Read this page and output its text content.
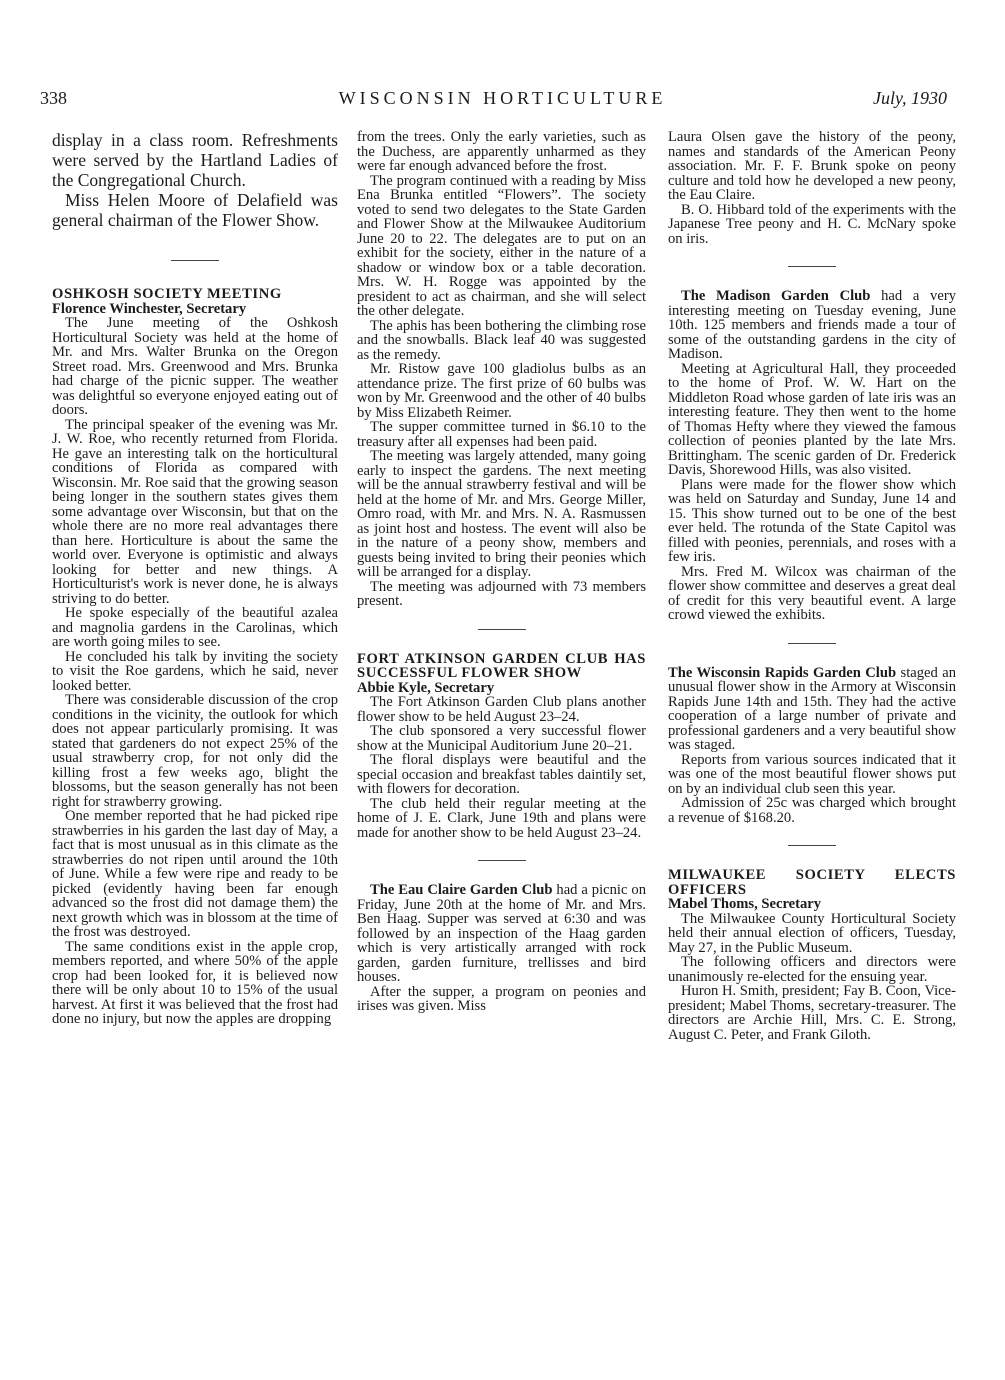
338	WISCONSIN HORTICULTURE	July, 1930

display in a class room. Refreshments were served by the Hartland Ladies of the Congregational Church.

Miss Helen Moore of Delafield was general chairman of the Flower Show.

OSHKOSH SOCIETY MEETING

Florence Winchester, Secretary

The June meeting of the Oshkosh Horticultural Society was held at the home of Mr. and Mrs. Walter Brunka on the Oregon Street road. Mrs. Greenwood and Mrs. Brunka had charge of the picnic supper. The weather was delightful so everyone enjoyed eating out of doors.

The principal speaker of the evening was Mr. J. W. Roe, who recently returned from Florida. He gave an interesting talk on the horticultural conditions of Florida as compared with Wisconsin. Mr. Roe said that the growing season being longer in the southern states gives them some advantage over Wisconsin, but that on the whole there are no more real advantages there than here. Horticulture is about the same the world over. Everyone is optimistic and always looking for better and new things. A Horticulturist's work is never done, he is always striving to do better.

He spoke especially of the beautiful azalea and magnolia gardens in the Carolinas, which are worth going miles to see.

He concluded his talk by inviting the society to visit the Roe gardens, which he said, never looked better.

There was considerable discussion of the crop conditions in the vicinity, the outlook for which does not appear particularly promising. It was stated that gardeners do not expect 25% of the usual strawberry crop, for not only did the killing frost a few weeks ago, blight the blossoms, but the season generally has not been right for strawberry growing.

One member reported that he had picked ripe strawberries in his garden the last day of May, a fact that is most unusual as in this climate as the strawberries do not ripen until around the 10th of June. While a few were ripe and ready to be picked (evidently having been far enough advanced so the frost did not damage them) the next growth which was in blossom at the time of the frost was destroyed.

The same conditions exist in the apple crop, members reported, and where 50% of the apple crop had been looked for, it is believed now there will be only about 10 to 15% of the usual harvest. At first it was believed that the frost had done no injury, but now the apples are dropping

from the trees. Only the early varieties, such as the Duchess, are apparently unharmed as they were far enough advanced before the frost.

The program continued with a reading by Miss Ena Brunka entitled “Flowers”. The society voted to send two delegates to the State Garden and Flower Show at the Milwaukee Auditorium June 20 to 22. The delegates are to put on an exhibit for the society, either in the nature of a shadow or window box or a table decoration. Mrs. W. H. Rogge was appointed by the president to act as chairman, and she will select the other delegate.

The aphis has been bothering the climbing rose and the snowballs. Black leaf 40 was suggested as the remedy.

Mr. Ristow gave 100 gladiolus bulbs as an attendance prize. The first prize of 60 bulbs was won by Mr. Greenwood and the other of 40 bulbs by Miss Elizabeth Reimer.

The supper committee turned in $6.10 to the treasury after all expenses had been paid.

The meeting was largely attended, many going early to inspect the gardens. The next meeting will be the annual strawberry festival and will be held at the home of Mr. and Mrs. George Miller, Omro road, with Mr. and Mrs. N. A. Rasmussen as joint host and hostess. The event will also be in the nature of a peony show, members and guests being invited to bring their peonies which will be arranged for a display.

The meeting was adjourned with 73 members present.

FORT ATKINSON GARDEN CLUB HAS SUCCESSFUL FLOWER SHOW

Abbie Kyle, Secretary

The Fort Atkinson Garden Club plans another flower show to be held August 23–24.

The club sponsored a very successful flower show at the Municipal Auditorium June 20–21.

The floral displays were beautiful and the special occasion and breakfast tables daintily set, with flowers for decoration.

The club held their regular meeting at the home of J. E. Clark, June 19th and plans were made for another show to be held August 23–24.

The Eau Claire Garden Club had a picnic on Friday, June 20th at the home of Mr. and Mrs. Ben Haag. Supper was served at 6:30 and was followed by an inspection of the Haag garden which is very artistically arranged with rock garden, garden furniture, trellisses and bird houses.

After the supper, a program on peonies and irises was given. Miss

Laura Olsen gave the history of the peony, names and standards of the American Peony association. Mr. F. F. Brunk spoke on peony culture and told how he developed a new peony, the Eau Claire.

B. O. Hibbard told of the experiments with the Japanese Tree peony and H. C. McNary spoke on iris.

The Madison Garden Club had a very interesting meeting on Tuesday evening, June 10th. 125 members and friends made a tour of some of the outstanding gardens in the city of Madison.

Meeting at Agricultural Hall, they proceeded to the home of Prof. W. W. Hart on the Middleton Road whose garden of late iris was an interesting feature. They then went to the home of Thomas Hefty where they viewed the famous collection of peonies planted by the late Mrs. Brittingham. The scenic garden of Dr. Frederick Davis, Shorewood Hills, was also visited.

Plans were made for the flower show which was held on Saturday and Sunday, June 14 and 15. This show turned out to be one of the best ever held. The rotunda of the State Capitol was filled with peonies, perennials, and roses with a few iris.

Mrs. Fred M. Wilcox was chairman of the flower show committee and deserves a great deal of credit for this very beautiful event. A large crowd viewed the exhibits.

The Wisconsin Rapids Garden Club staged an unusual flower show in the Armory at Wisconsin Rapids June 14th and 15th. They had the active cooperation of a large number of private and professional gardeners and a very beautiful show was staged.

Reports from various sources indicated that it was one of the most beautiful flower shows put on by an individual club seen this year.

Admission of 25c was charged which brought a revenue of $168.20.

MILWAUKEE SOCIETY ELECTS OFFICERS

Mabel Thoms, Secretary

The Milwaukee County Horticultural Society held their annual election of officers, Tuesday, May 27, in the Public Museum.

The following officers and directors were unanimously re-elected for the ensuing year.

Huron H. Smith, president; Fay B. Coon, Vice-president; Mabel Thoms, secretary-treasurer. The directors are Archie Hill, Mrs. C. E. Strong, August C. Peter, and Frank Giloth.
